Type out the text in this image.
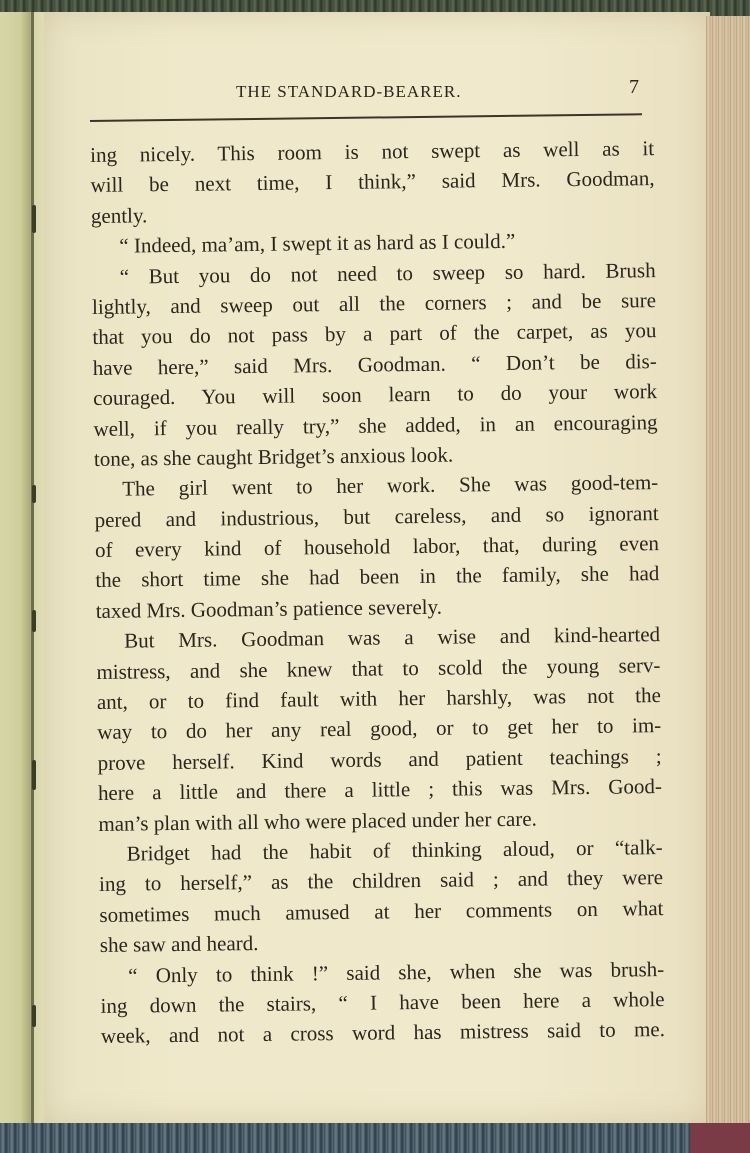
THE STANDARD-BEARER.	7
ing nicely. This room is not swept as well as it
will be next time, I think,” said Mrs. Goodman,
gently.
“ Indeed, ma’am, I swept it as hard as I could.”
“ But you do not need to sweep so hard. Brush
lightly, and sweep out all the corners ; and be sure
that you do not pass by a part of the carpet, as you
have here,” said Mrs. Goodman. “ Don’t be dis-
couraged. You will soon learn to do your work
well, if you really try,” she added, in an encouraging
tone, as she caught Bridget’s anxious look.
The girl went to her work. She was good-tem-
pered and industrious, but careless, and so ignorant
of every kind of household labor, that, during even
the short time she had been in the family, she had
taxed Mrs. Goodman’s patience severely.
But Mrs. Goodman was a wise and kind-hearted
mistress, and she knew that to scold the young serv-
ant, or to find fault with her harshly, was not the
way to do her any real good, or to get her to im-
prove herself. Kind words and patient teachings ;
here a little and there a little ; this was Mrs. Good-
man’s plan with all who were placed under her care.
Bridget had the habit of thinking aloud, or “talk-
ing to herself,” as the children said ; and they were
sometimes much amused at her comments on what
she saw and heard.
“ Only to think !” said she, when she was brush-
ing down the stairs, “ I have been here a whole
week, and not a cross word has mistress said to me.
